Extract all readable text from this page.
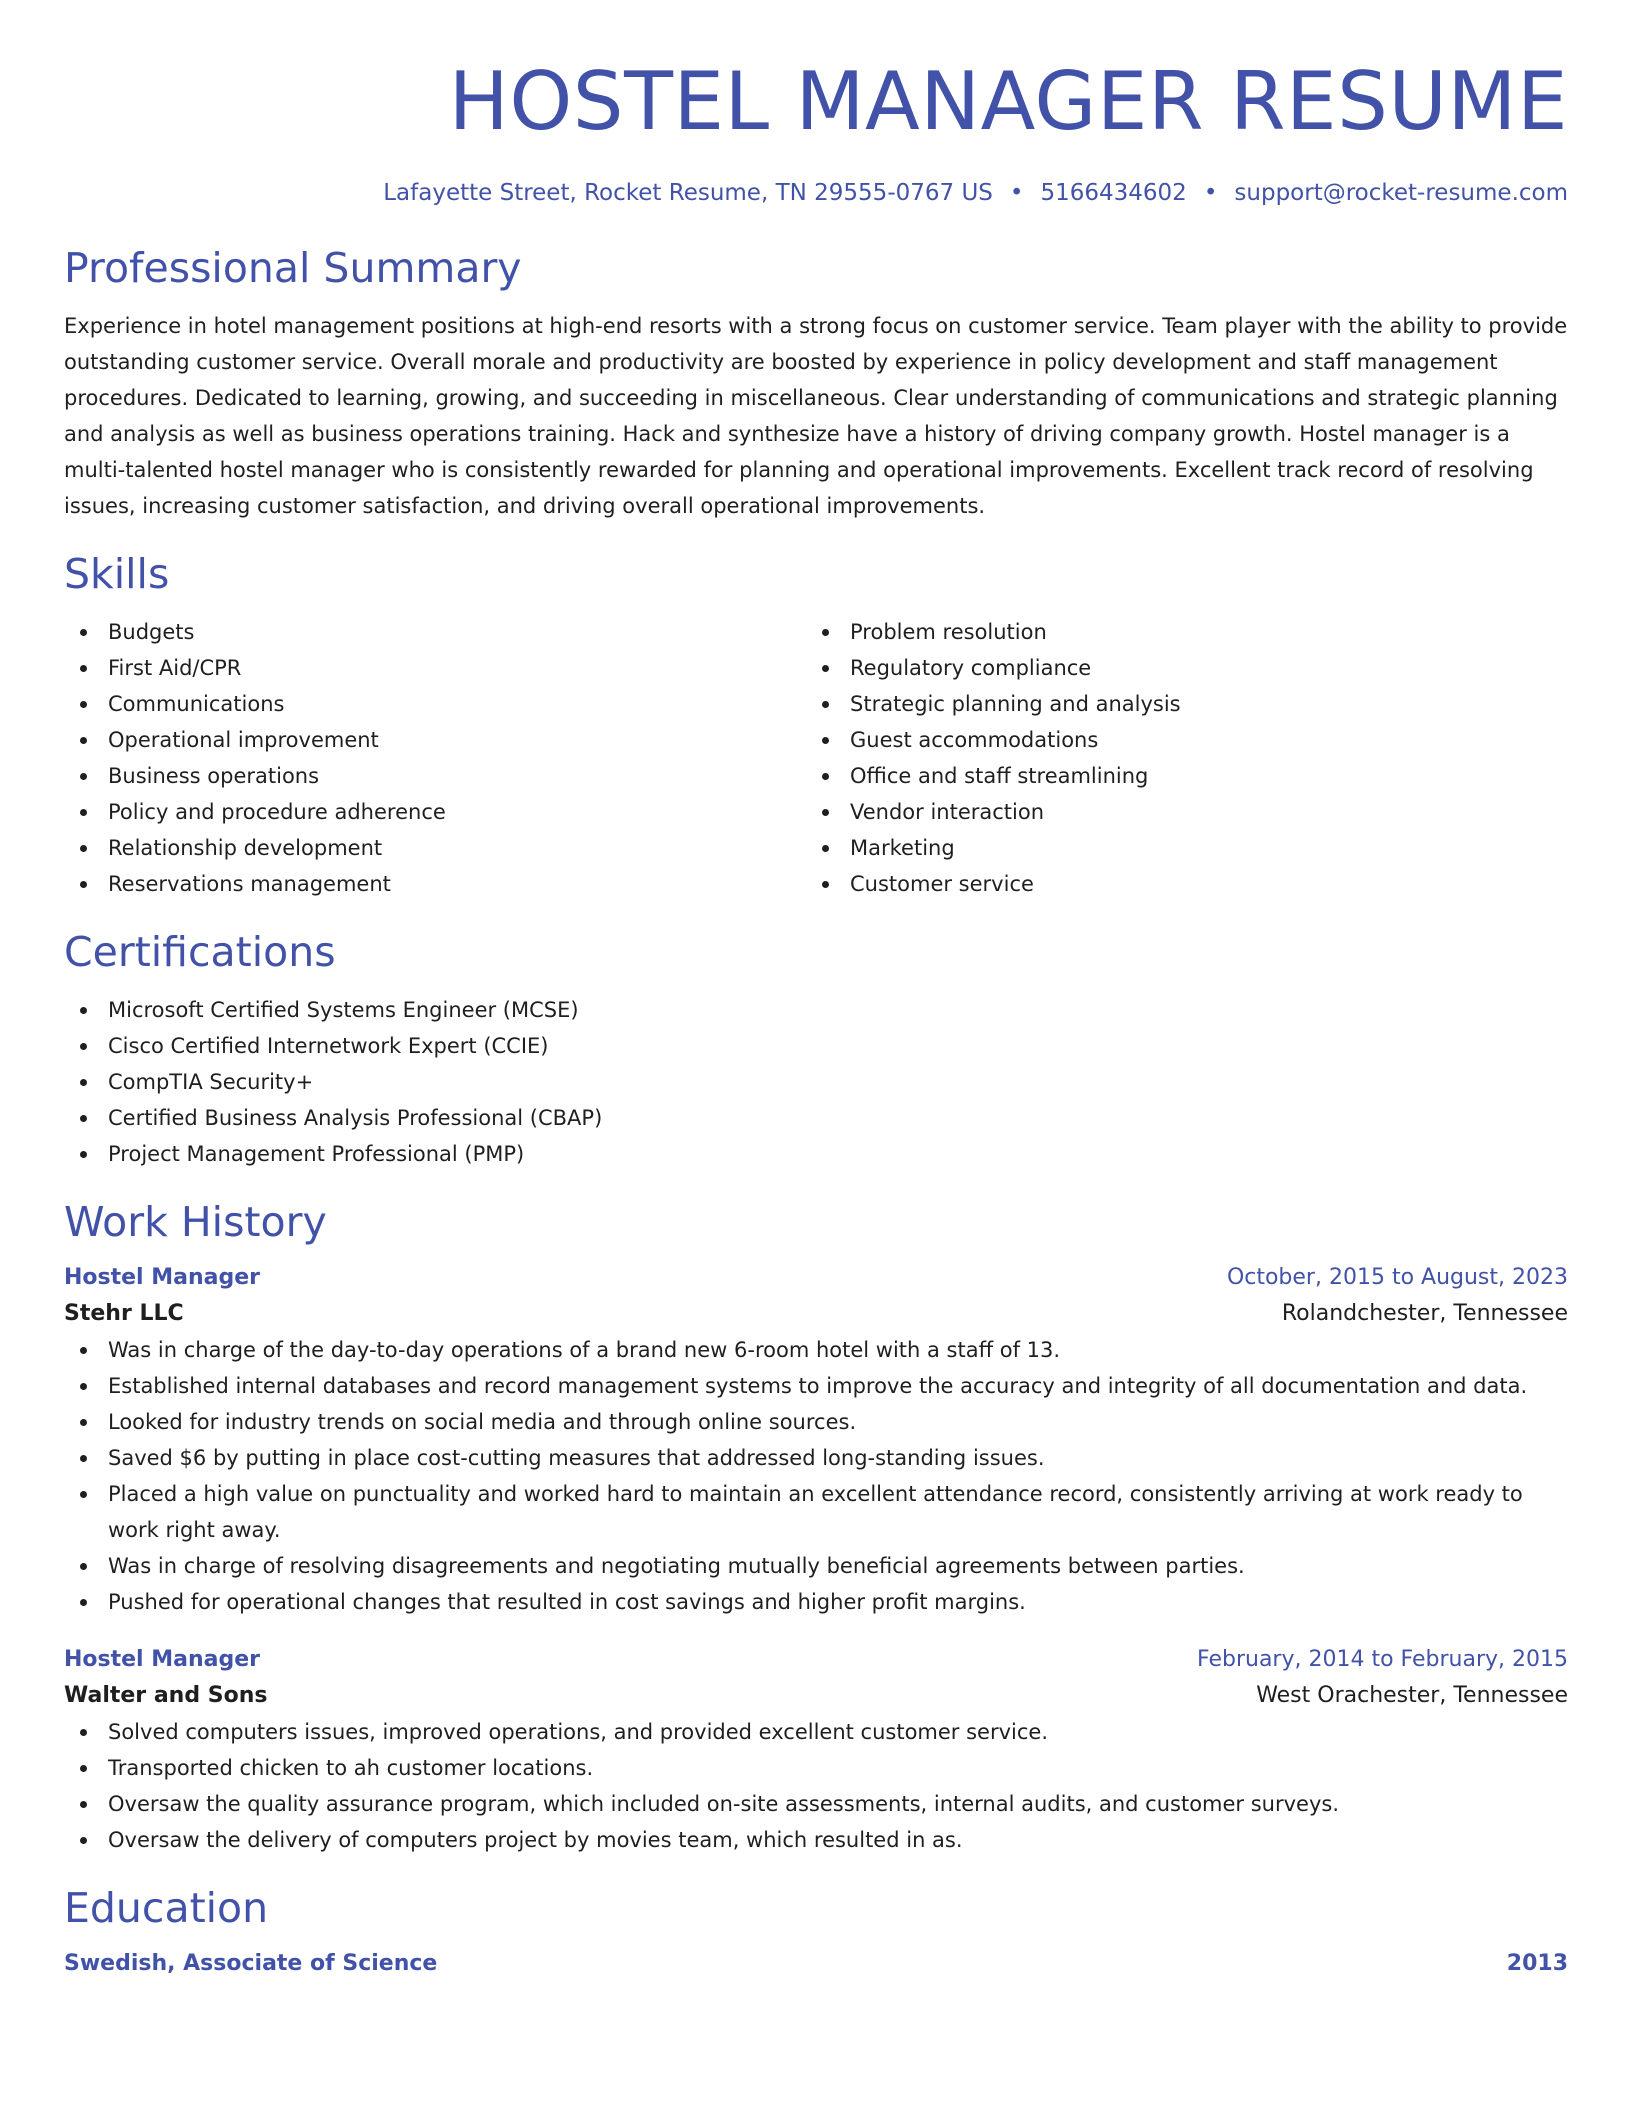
HOSTEL MANAGER RESUME
Lafayette Street, Rocket Resume, TN 29555-0767 US • 5166434602 • support@rocket-resume.com
Professional Summary

Experience in hotel management positions at high-end resorts with a strong focus on customer service. Team player with the ability to provide outstanding customer service. Overall morale and productivity are boosted by experience in policy development and staff management procedures. Dedicated to learning, growing, and succeeding in miscellaneous. Clear understanding of communications and strategic planning and analysis as well as business operations training. Hack and synthesize have a history of driving company growth. Hostel manager is a multi-talented hostel manager who is consistently rewarded for planning and operational improvements. Excellent track record of resolving issues, increasing customer satisfaction, and driving overall operational improvements.

Skills
Budgets
First Aid/CPR
Communications
Operational improvement
Business operations
Policy and procedure adherence
Relationship development
Reservations management
Problem resolution
Regulatory compliance
Strategic planning and analysis
Guest accommodations
Office and staff streamlining
Vendor interaction
Marketing
Customer service
Certifications
Microsoft Certified Systems Engineer (MCSE)
Cisco Certified Internetwork Expert (CCIE)
CompTIA Security+
Certified Business Analysis Professional (CBAP)
Project Management Professional (PMP)
Work History
Hostel Manager	October, 2015 to August, 2023
Stehr LLC	Rolandchester, Tennessee
Was in charge of the day-to-day operations of a brand new 6-room hotel with a staff of 13.
Established internal databases and record management systems to improve the accuracy and integrity of all documentation and data.
Looked for industry trends on social media and through online sources.
Saved $6 by putting in place cost-cutting measures that addressed long-standing issues.
Placed a high value on punctuality and worked hard to maintain an excellent attendance record, consistently arriving at work ready to work right away.
Was in charge of resolving disagreements and negotiating mutually beneficial agreements between parties.
Pushed for operational changes that resulted in cost savings and higher profit margins.
Hostel Manager	February, 2014 to February, 2015
Walter and Sons	West Orachester, Tennessee
Solved computers issues, improved operations, and provided excellent customer service.
Transported chicken to ah customer locations.
Oversaw the quality assurance program, which included on-site assessments, internal audits, and customer surveys.
Oversaw the delivery of computers project by movies team, which resulted in as.
Education
Swedish, Associate of Science	2013
